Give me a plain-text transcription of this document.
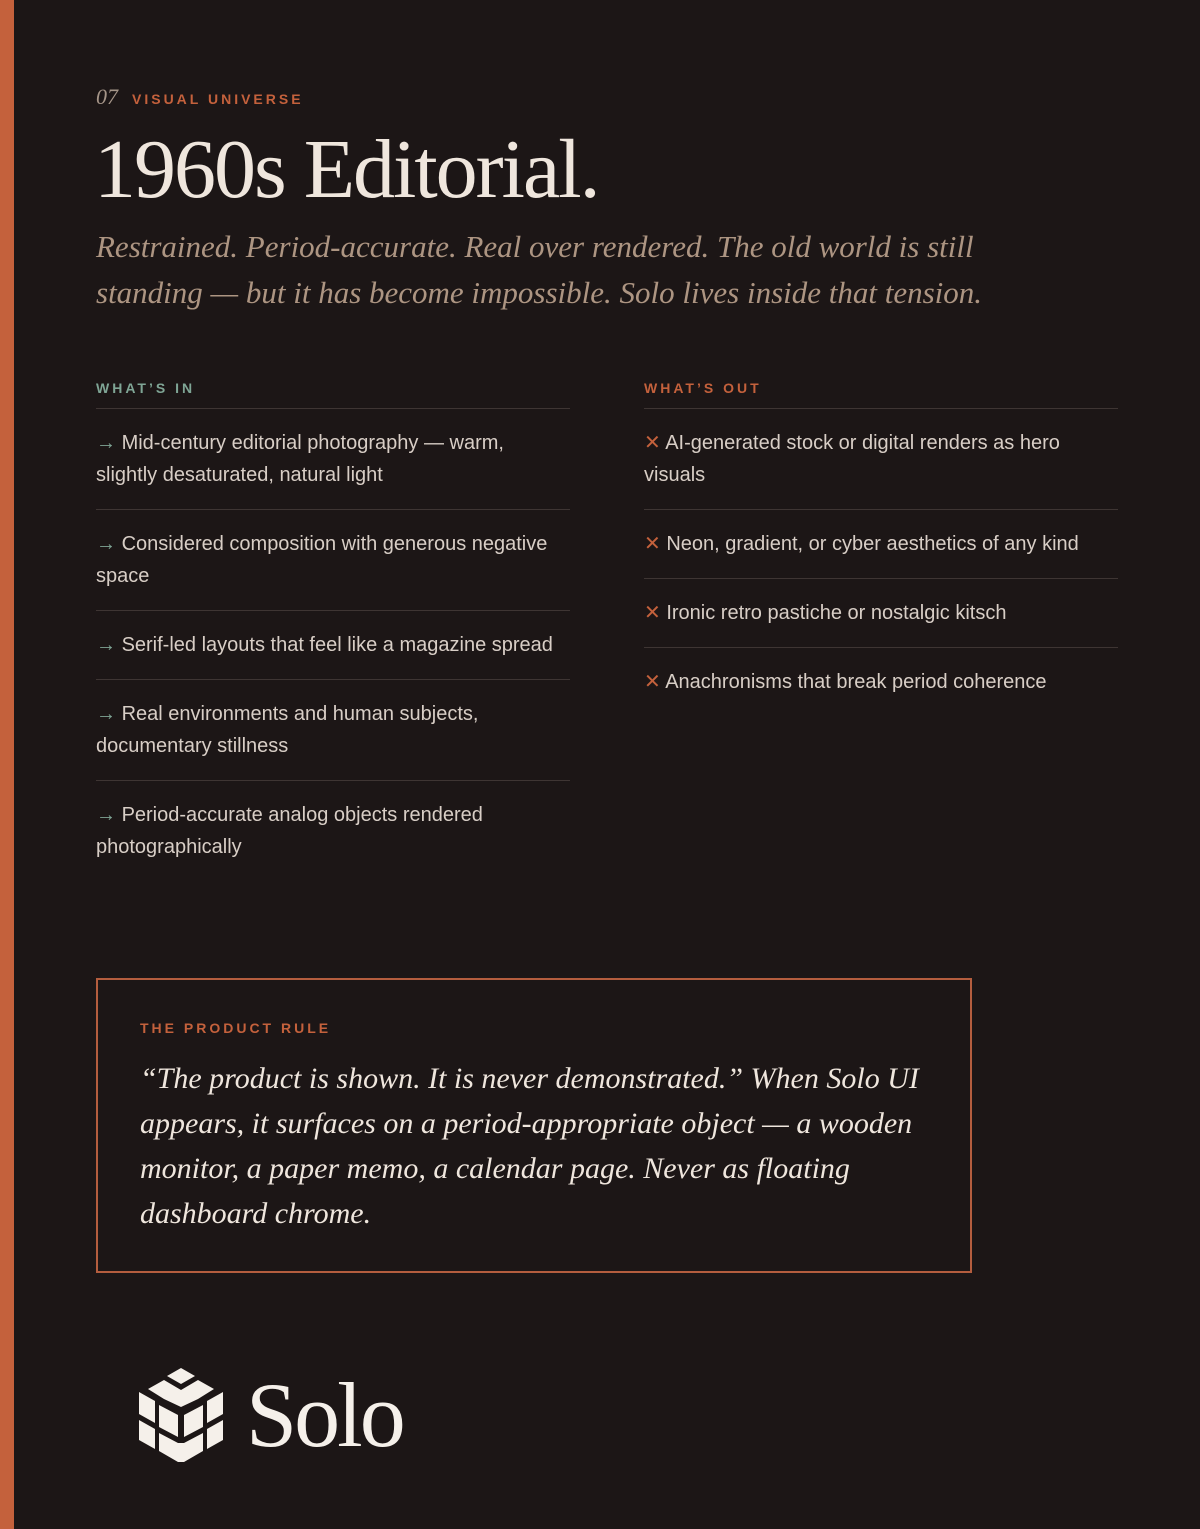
07 VISUAL UNIVERSE
1960s Editorial.

Restrained. Period-accurate. Real over rendered. The old world is still standing — but it has become impossible. Solo lives inside that tension.

WHAT’S IN
→ Mid-century editorial photography — warm, slightly desaturated, natural light
→ Considered composition with generous negative space
→ Serif-led layouts that feel like a magazine spread
→ Real environments and human subjects, documentary stillness
→ Period-accurate analog objects rendered photographically
WHAT’S OUT
✕ AI-generated stock or digital renders as hero visuals
✕ Neon, gradient, or cyber aesthetics of any kind
✕ Ironic retro pastiche or nostalgic kitsch
✕ Anachronisms that break period coherence
THE PRODUCT RULE

“The product is shown. It is never demonstrated.” When Solo UI appears, it surfaces on a period-appropriate object — a wooden monitor, a paper memo, a calendar page. Never as floating dashboard chrome.

Solo
